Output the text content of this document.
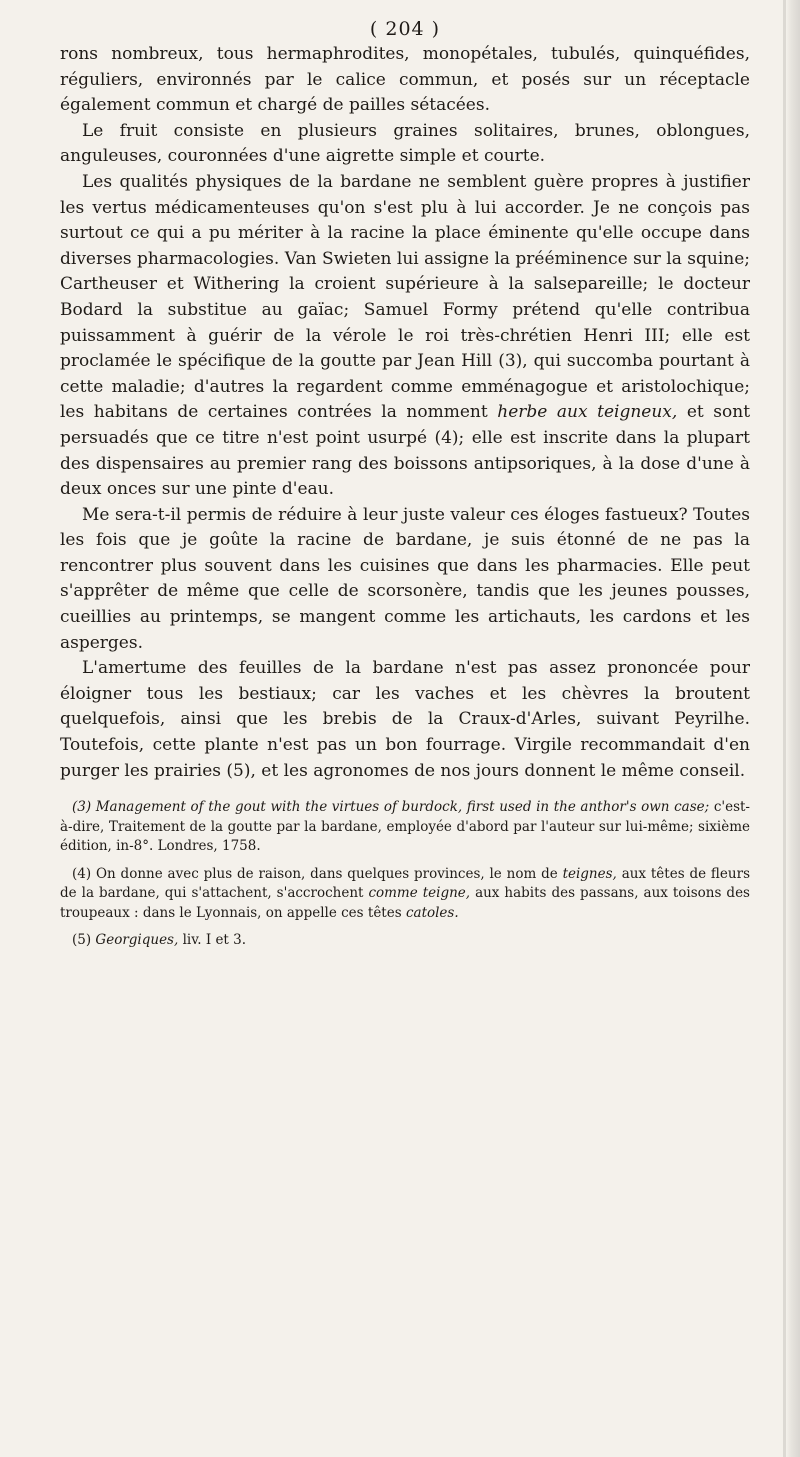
( 204 )

rons nombreux, tous hermaphrodites, monopétales, tubulés, quinquéfides, réguliers, environnés par le calice commun, et posés sur un réceptacle également commun et chargé de pailles sétacées.

Le fruit consiste en plusieurs graines solitaires, brunes, oblongues, anguleuses, couronnées d'une aigrette simple et courte.

Les qualités physiques de la bardane ne semblent guère propres à justifier les vertus médicamenteuses qu'on s'est plu à lui accorder. Je ne conçois pas surtout ce qui a pu mériter à la racine la place éminente qu'elle occupe dans diverses pharmacologies. Van Swieten lui assigne la prééminence sur la squine; Cartheuser et Withering la croient supérieure à la salsepareille; le docteur Bodard la substitue au gaïac; Samuel Formy prétend qu'elle contribua puissamment à guérir de la vérole le roi très-chrétien Henri III; elle est proclamée le spécifique de la goutte par Jean Hill (3), qui succomba pourtant à cette maladie; d'autres la regardent comme emménagogue et aristolochique; les habitans de certaines contrées la nomment herbe aux teigneux, et sont persuadés que ce titre n'est point usurpé (4); elle est inscrite dans la plupart des dispensaires au premier rang des boissons antipsoriques, à la dose d'une à deux onces sur une pinte d'eau.

Me sera-t-il permis de réduire à leur juste valeur ces éloges fastueux? Toutes les fois que je goûte la racine de bardane, je suis étonné de ne pas la rencontrer plus souvent dans les cuisines que dans les pharmacies. Elle peut s'apprêter de même que celle de scorsonère, tandis que les jeunes pousses, cueillies au printemps, se mangent comme les artichauts, les cardons et les asperges.

L'amertume des feuilles de la bardane n'est pas assez prononcée pour éloigner tous les bestiaux; car les vaches et les chèvres la broutent quelquefois, ainsi que les brebis de la Craux-d'Arles, suivant Peyrilhe. Toutefois, cette plante n'est pas un bon fourrage. Virgile recommandait d'en purger les prairies (5), et les agronomes de nos jours donnent le même conseil.

(3) Management of the gout with the virtues of burdock, first used in the anthor's own case; c'est-à-dire, Traitement de la goutte par la bardane, employée d'abord par l'auteur sur lui-même; sixième édition, in-8°. Londres, 1758.

(4) On donne avec plus de raison, dans quelques provinces, le nom de teignes, aux têtes de fleurs de la bardane, qui s'attachent, s'accrochent comme teigne, aux habits des passans, aux toisons des troupeaux : dans le Lyonnais, on appelle ces têtes catoles.

(5) Georgiques, liv. I et 3.
